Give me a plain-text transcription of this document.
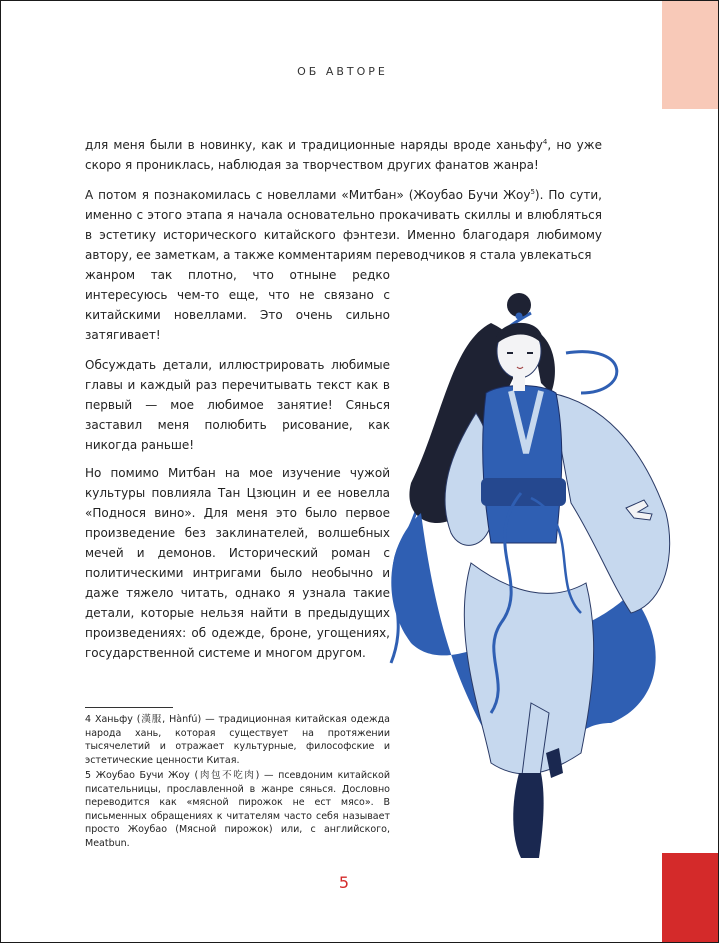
ОБ АВТОРЕ

для меня были в новинку, как и традиционные наряды вроде ханьфу$^4$, но уже скоро я прониклась, наблюдая за творчеством других фанатов жанра!

А потом я познакомилась с новеллами «Митбан» (Жоубао Бучи Жоу$^5$). По сути, именно с этого этапа я начала основательно прокачивать скиллы и влюбляться в эстетику исторического китайского фэнтези. Именно благодаря любимому автору, ее заметкам, а также комментариям переводчиков я стала увлекаться

жанром так плотно, что отныне редко интересуюсь чем-то еще, что не связано с китайскими новеллами. Это очень сильно затягивает!

Обсуждать детали, иллюстрировать любимые главы и каждый раз перечитывать текст как в первый — мое любимое занятие! Сянься заставил меня полюбить рисование, как никогда раньше!

Но помимо Митбан на мое изучение чужой культуры повлияла Тан Цзюцин и ее новелла «Поднося вино». Для меня это было первое произведение без заклинателей, волшебных мечей и демонов. Исторический роман с политическими интригами было необычно и даже тяжело читать, однако я узнала такие детали, которые нельзя найти в предыдущих произведениях: об одежде, броне, угощениях, государственной системе и многом другом.

4 Ханьфу (漢服, Hànfú) — традиционная китайская одежда народа хань, которая существует на протяжении тысячелетий и отражает культурные, философские и эстетические ценности Китая.

5 Жоубао Бучи Жоу (肉包不吃肉) — псевдоним китайской писательницы, прославленной в жанре сянься. Дословно переводится как «мясной пирожок не ест мясо». В письменных обращениях к читателям часто себя называет просто Жоубао (Мясной пирожок) или, с английского, Meatbun.

5
